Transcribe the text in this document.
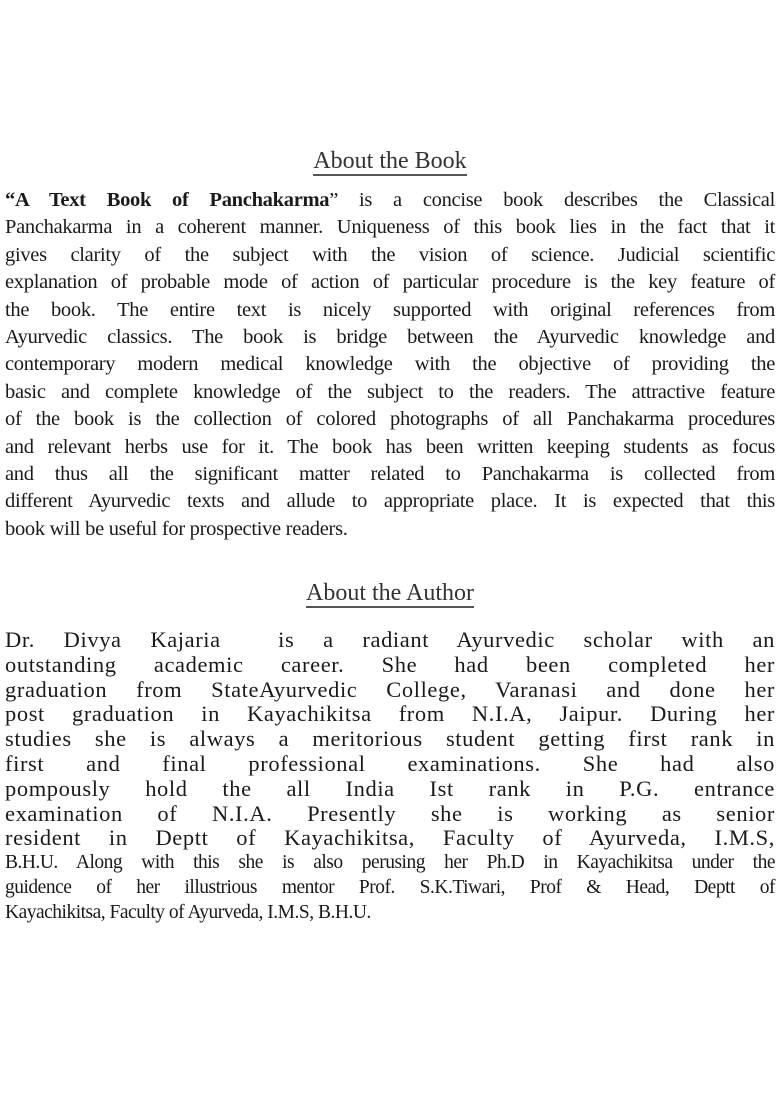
About the Book
“A Text Book of Panchakarma” is a concise book describes the Classical
Panchakarma in a coherent manner. Uniqueness of this book lies in the fact that it
gives clarity of the subject with the vision of science. Judicial scientific
explanation of probable mode of action of particular procedure is the key feature of
the book. The entire text is nicely supported with original references from
Ayurvedic classics. The book is bridge between the Ayurvedic knowledge and
contemporary modern medical knowledge with the objective of providing the
basic and complete knowledge of the subject to the readers. The attractive feature
of the book is the collection of colored photographs of all Panchakarma procedures
and relevant herbs use for it. The book has been written keeping students as focus
and thus all the significant matter related to Panchakarma is collected from
different Ayurvedic texts and allude to appropriate place. It is expected that this
book will be useful for prospective readers.
About the Author
Dr. Divya Kajaria  is a radiant Ayurvedic scholar with an
outstanding academic career. She had been completed her
graduation from StateAyurvedic College, Varanasi and done her
post graduation in Kayachikitsa from N.I.A, Jaipur. During her
studies she is always a meritorious student getting first rank in
first and final professional examinations. She had also
pompously hold the all India Ist rank in P.G. entrance
examination of N.I.A. Presently she is working as senior
resident in Deptt of Kayachikitsa, Faculty of Ayurveda, I.M.S,
B.H.U. Along with this she is also perusing her Ph.D in Kayachikitsa under the
guidence of her illustrious mentor Prof. S.K.Tiwari, Prof & Head, Deptt of
Kayachikitsa, Faculty of Ayurveda, I.M.S, B.H.U.
